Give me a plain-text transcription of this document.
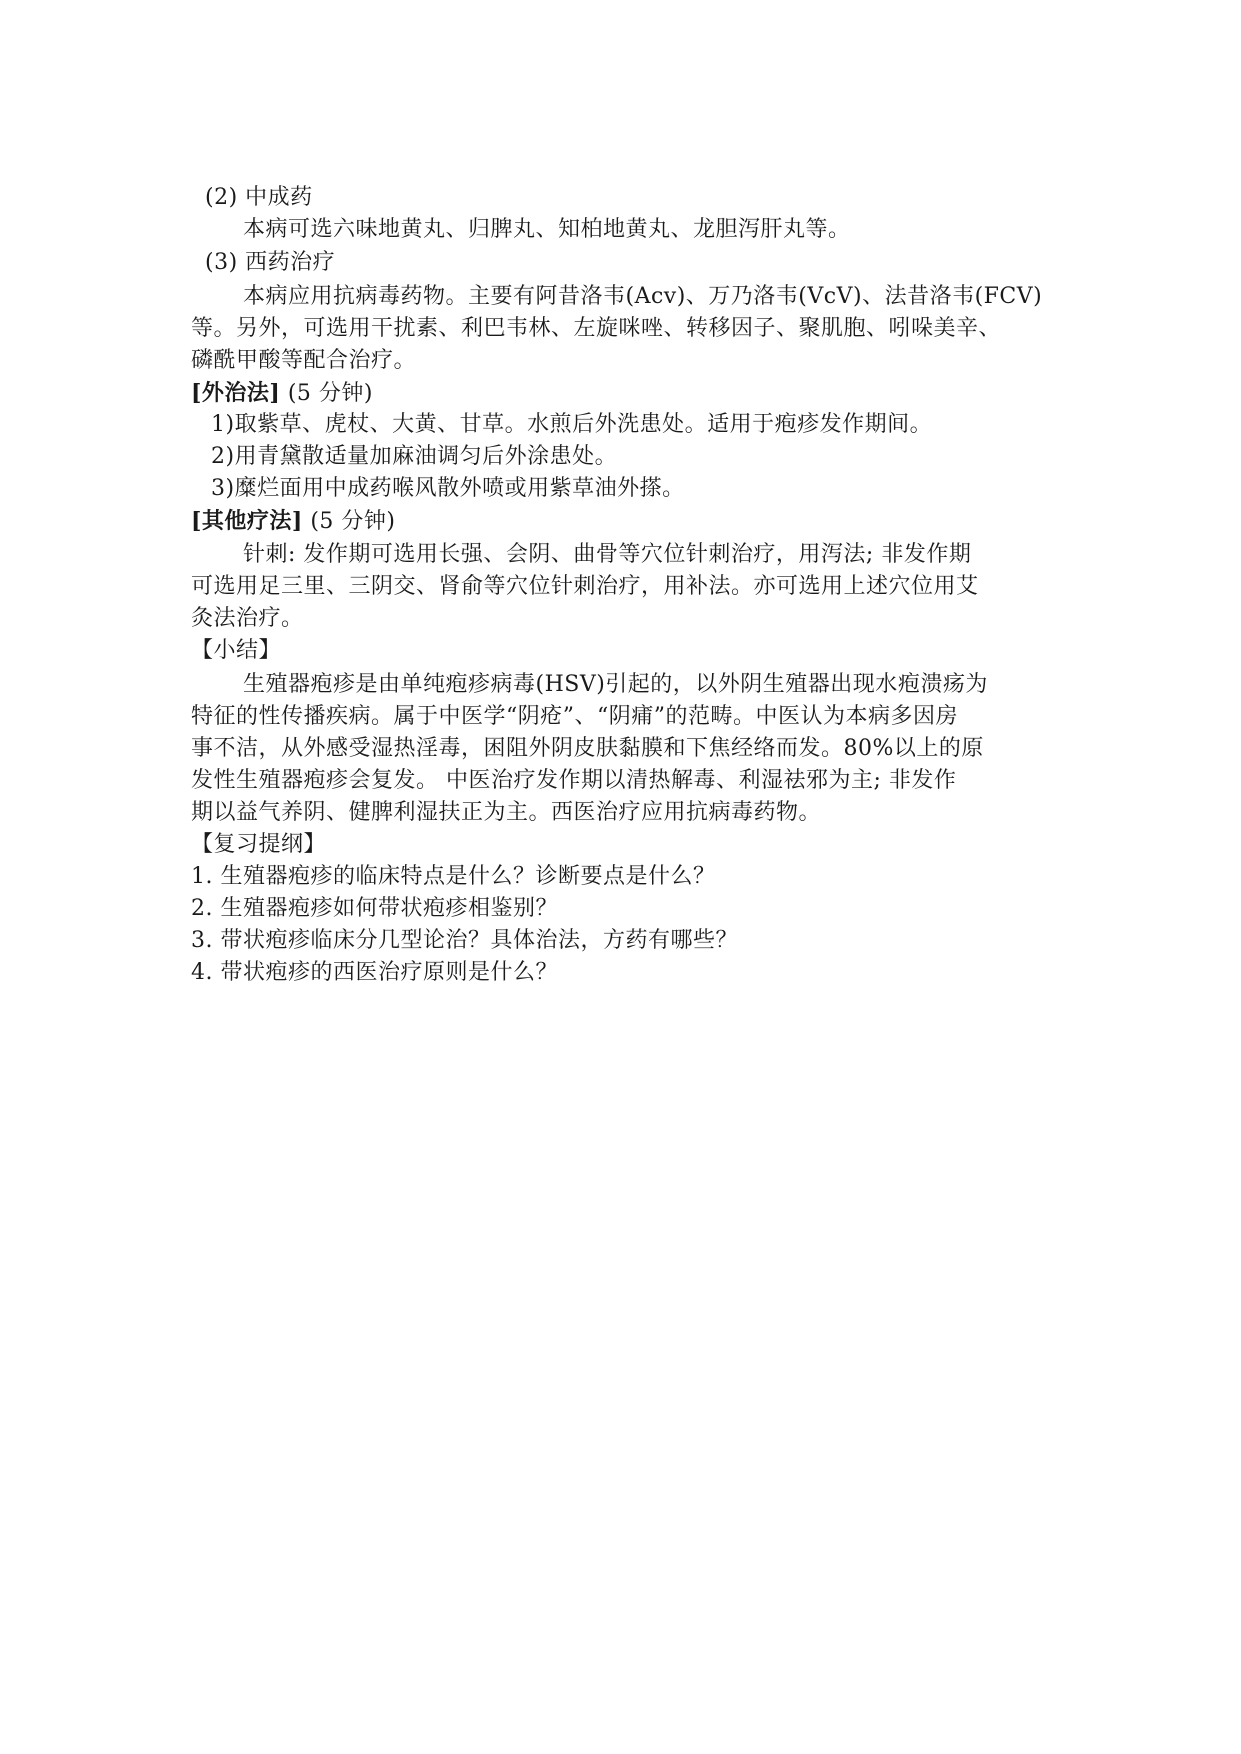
(2) 中成药
本病可选六味地黄丸、归脾丸、知柏地黄丸、龙胆泻肝丸等。
(3) 西药治疗
本病应用抗病毒药物。主要有阿昔洛韦(Acv)、万乃洛韦(VcV)、法昔洛韦(FCV)
等。另外，可选用干扰素、利巴韦林、左旋咪唑、转移因子、聚肌胞、吲哚美辛、
磷酰甲酸等配合治疗。
[外治法] (5 分钟)
1)取紫草、虎杖、大黄、甘草。水煎后外洗患处。适用于疱疹发作期间。
2)用青黛散适量加麻油调匀后外涂患处。
3)糜烂面用中成药喉风散外喷或用紫草油外搽。
[其他疗法] (5 分钟)
针刺: 发作期可选用长强、会阴、曲骨等穴位针刺治疗，用泻法; 非发作期
可选用足三里、三阴交、肾俞等穴位针刺治疗，用补法。亦可选用上述穴位用艾
灸法治疗。
【小结】
生殖器疱疹是由单纯疱疹病毒(HSV)引起的，以外阴生殖器出现水疱溃疡为
特征的性传播疾病。属于中医学“阴疮”、“阴痡”的范畴。中医认为本病多因房
事不洁，从外感受湿热淫毒，困阻外阴皮肤黏膜和下焦经络而发。80%以上的原
发性生殖器疱疹会复发。 中医治疗发作期以清热解毒、利湿祛邪为主; 非发作
期以益气养阴、健脾利湿扶正为主。西医治疗应用抗病毒药物。
【复习提纲】
1. 生殖器疱疹的临床特点是什么？诊断要点是什么？
2. 生殖器疱疹如何带状疱疹相鉴别？
3. 带状疱疹临床分几型论治？具体治法，方药有哪些？
4. 带状疱疹的西医治疗原则是什么？
